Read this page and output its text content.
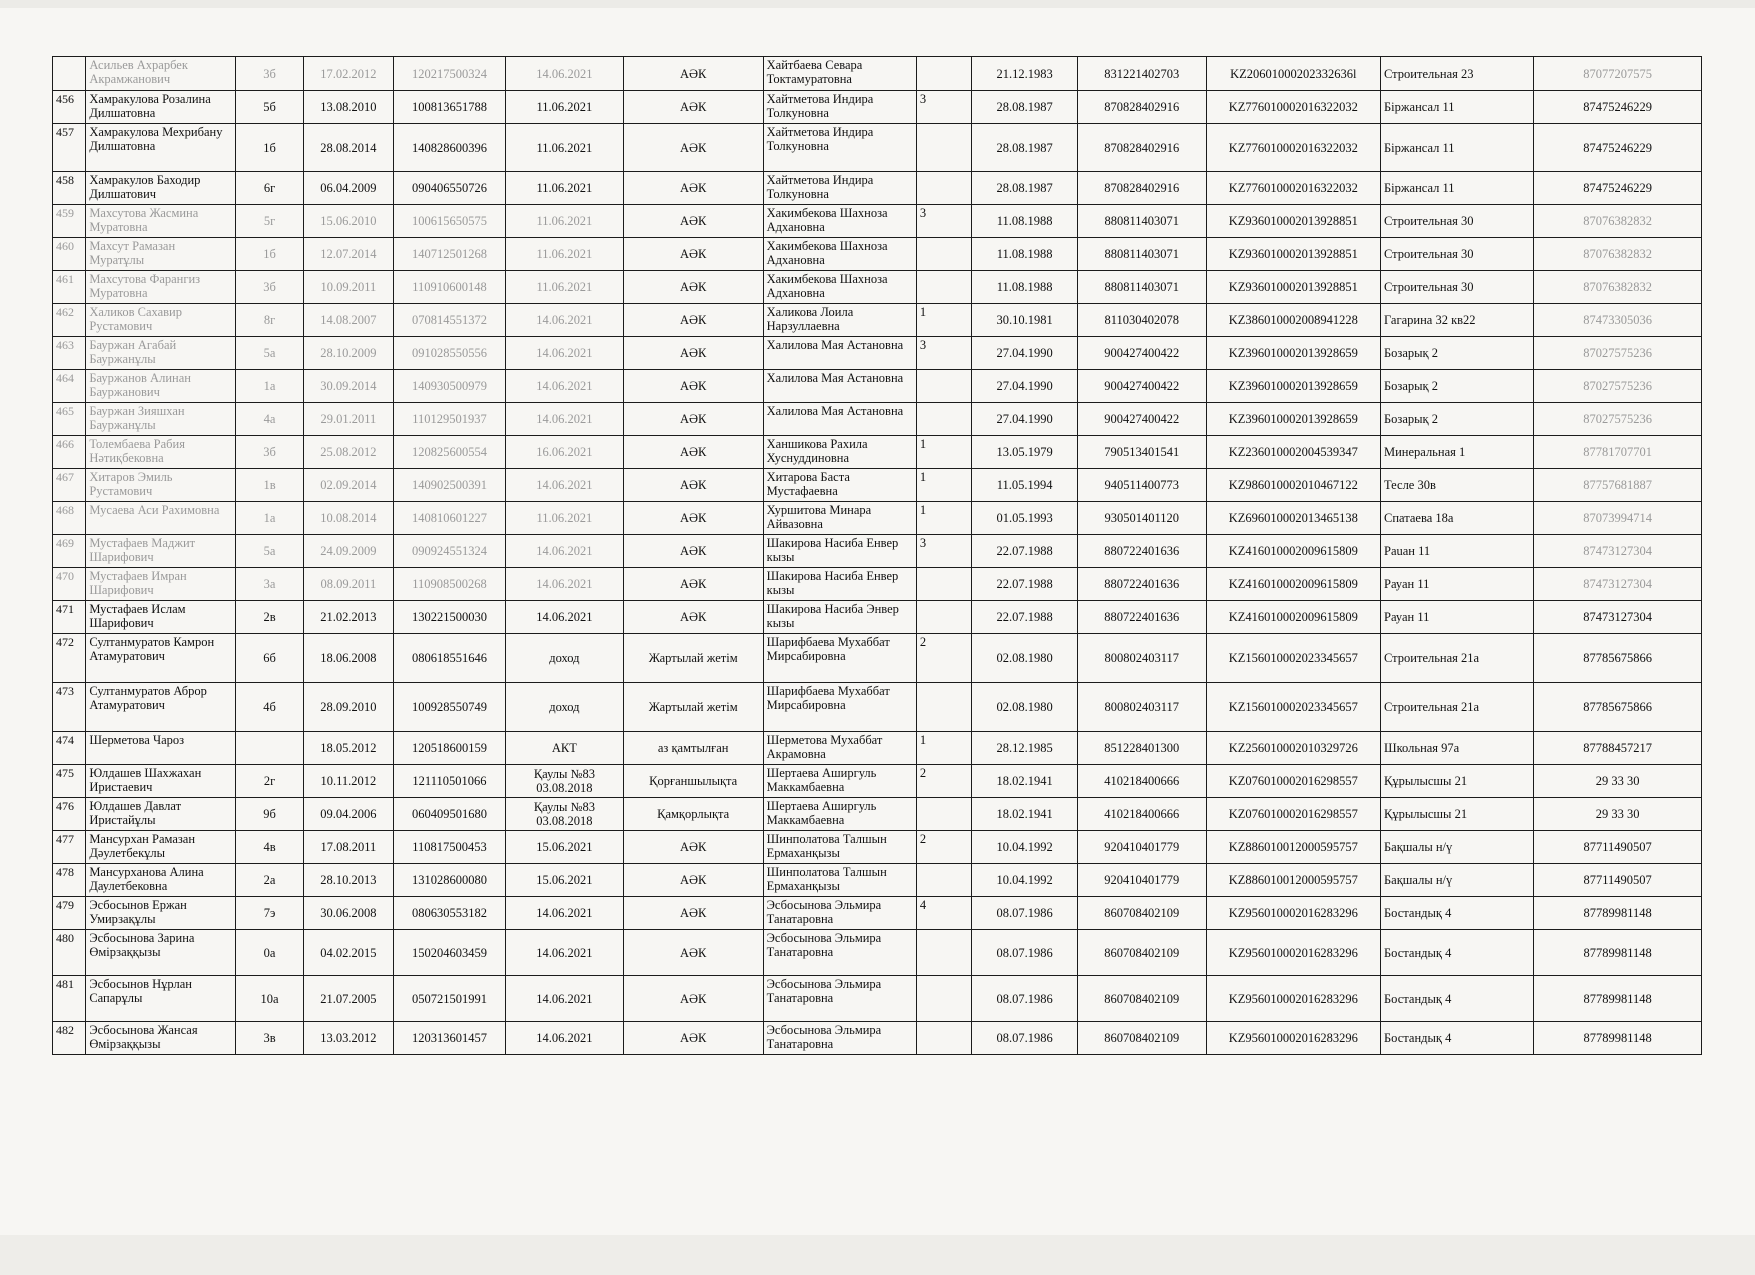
	Асильев Ахрарбек Акрамжанович	3б	17.02.2012	120217500324	14.06.2021	АӘК	Хайтбаева Севара Токтамуратовна		21.12.1983	831221402703	KZ20601000202332636l	Строительная 23	87077207575
456	Хамракулова Розалина Дилшатовна	5б	13.08.2010	100813651788	11.06.2021	АӘК	Хайтметова Индира Толкуновна	3	28.08.1987	870828402916	KZ776010002016322032	Біржансал 11	87475246229
457	Хамракулова Мехрибану Дилшатовна	1б	28.08.2014	140828600396	11.06.2021	АӘК	Хайтметова Индира Толкуновна		28.08.1987	870828402916	KZ776010002016322032	Біржансал 11	87475246229
458	Хамракулов Баходир Дилшатович	6г	06.04.2009	090406550726	11.06.2021	АӘК	Хайтметова Индира Толкуновна		28.08.1987	870828402916	KZ776010002016322032	Біржансал 11	87475246229
459	Махсутова Жасмина Муратовна	5г	15.06.2010	100615650575	11.06.2021	АӘК	Хакимбекова Шахноза Адхановна	3	11.08.1988	880811403071	KZ936010002013928851	Строительная 30	87076382832
460	Махсут Рамазан Муратұлы	1б	12.07.2014	140712501268	11.06.2021	АӘК	Хакимбекова Шахноза Адхановна		11.08.1988	880811403071	KZ936010002013928851	Строительная 30	87076382832
461	Махсутова Фарангиз Муратовна	3б	10.09.2011	110910600148	11.06.2021	АӘК	Хакимбекова Шахноза Адхановна		11.08.1988	880811403071	KZ936010002013928851	Строительная 30	87076382832
462	Халиков Сахавир Рустамович	8г	14.08.2007	070814551372	14.06.2021	АӘК	Халикова Лоила Нарзуллаевна	1	30.10.1981	811030402078	KZ386010002008941228	Гагарина 32 кв22	87473305036
463	Бауржан Агабай Бауржанұлы	5а	28.10.2009	091028550556	14.06.2021	АӘК	Халилова Мая Астановна	3	27.04.1990	900427400422	KZ396010002013928659	Бозарық 2	87027575236
464	Бауржанов Алинан Бауржанович	1а	30.09.2014	140930500979	14.06.2021	АӘК	Халилова Мая Астановна		27.04.1990	900427400422	KZ396010002013928659	Бозарық 2	87027575236
465	Бауржан Зияшхан Бауржанұлы	4а	29.01.2011	110129501937	14.06.2021	АӘК	Халилова Мая Астановна		27.04.1990	900427400422	KZ396010002013928659	Бозарық 2	87027575236
466	Толембаева Рабия Нәтиқбековна	3б	25.08.2012	120825600554	16.06.2021	АӘК	Ханшикова Рахила Хуснуддиновна	1	13.05.1979	790513401541	KZ236010002004539347	Минеральная 1	87781707701
467	Хитаров Эмиль Рустамович	1в	02.09.2014	140902500391	14.06.2021	АӘК	Хитарова Баста Мустафаевна	1	11.05.1994	940511400773	KZ986010002010467122	Тесле 30в	87757681887
468	Мусаева Аси Рахимовна	1а	10.08.2014	140810601227	11.06.2021	АӘК	Хуршитова Минара Айвазовна	1	01.05.1993	930501401120	KZ696010002013465138	Спатаева 18а	87073994714
469	Мустафаев Маджит Шарифович	5а	24.09.2009	090924551324	14.06.2021	АӘК	Шакирова Насиба Енвер кызы	3	22.07.1988	880722401636	KZ416010002009615809	Раuан 11	87473127304
470	Мустафаев Имран Шарифович	3а	08.09.2011	110908500268	14.06.2021	АӘК	Шакирова Насиба Енвер кызы		22.07.1988	880722401636	KZ416010002009615809	Рауан 11	87473127304
471	Мустафаев Ислам Шарифович	2в	21.02.2013	130221500030	14.06.2021	АӘК	Шакирова Насиба Энвер кызы		22.07.1988	880722401636	KZ416010002009615809	Рауан 11	87473127304
472	Султанмуратов Камрон Атамуратович	6б	18.06.2008	080618551646	доход	Жартылай жетім	Шарифбаева Мухаббат Мирсабировна	2	02.08.1980	800802403117	KZ156010002023345657	Строительная 21а	87785675866
473	Султанмуратов Аброр Атамуратович	4б	28.09.2010	100928550749	доход	Жартылай жетім	Шарифбаева Мухаббат Мирсабировна		02.08.1980	800802403117	KZ156010002023345657	Строительная 21а	87785675866
474	Шерметова Чароз		18.05.2012	120518600159	АКТ	аз қамтылған	Шерметова Мухаббат Акрамовна	1	28.12.1985	851228401300	KZ256010002010329726	Школьная 97а	87788457217
475	Юлдашев Шахжахан Иристаевич	2г	10.11.2012	121110501066	Қаулы №83 03.08.2018	Қорғаншылықта	Шертаева Аширгуль Маккамбаевна	2	18.02.1941	410218400666	KZ076010002016298557	Құрылысшы 21	29 33 30
476	Юлдашев Давлат Иристайұлы	9б	09.04.2006	060409501680	Қаулы №83 03.08.2018	Қамқорлықта	Шертаева Аширгуль Маккамбаевна		18.02.1941	410218400666	KZ076010002016298557	Құрылысшы 21	29 33 30
477	Мансурхан Рамазан Дәулетбекұлы	4в	17.08.2011	110817500453	15.06.2021	АӘК	Шинполатова Талшын Ермаханқызы	2	10.04.1992	920410401779	KZ886010012000595757	Бақшалы н/ү	87711490507
478	Мансурханова Алина Даулетбековна	2а	28.10.2013	131028600080	15.06.2021	АӘК	Шинполатова Талшын Ермаханқызы		10.04.1992	920410401779	KZ886010012000595757	Бақшалы н/ү	87711490507
479	Эсбосынов Ержан Умирзақұлы	7э	30.06.2008	080630553182	14.06.2021	АӘК	Эсбосынова Эльмира Танатаровна	4	08.07.1986	860708402109	KZ956010002016283296	Бостандық 4	87789981148
480	Эсбосынова Зарина Өмірзаққызы	0а	04.02.2015	150204603459	14.06.2021	АӘК	Эсбосынова Эльмира Танатаровна		08.07.1986	860708402109	KZ956010002016283296	Бостандық 4	87789981148
481	Эсбосынов Нұрлан Сапарұлы	10а	21.07.2005	050721501991	14.06.2021	АӘК	Эсбосынова Эльмира Танатаровна		08.07.1986	860708402109	KZ956010002016283296	Бостандық 4	87789981148
482	Эсбосынова Жансая Өмірзаққызы	3в	13.03.2012	120313601457	14.06.2021	АӘК	Эсбосынова Эльмира Танатаровна		08.07.1986	860708402109	KZ956010002016283296	Бостандық 4	87789981148
